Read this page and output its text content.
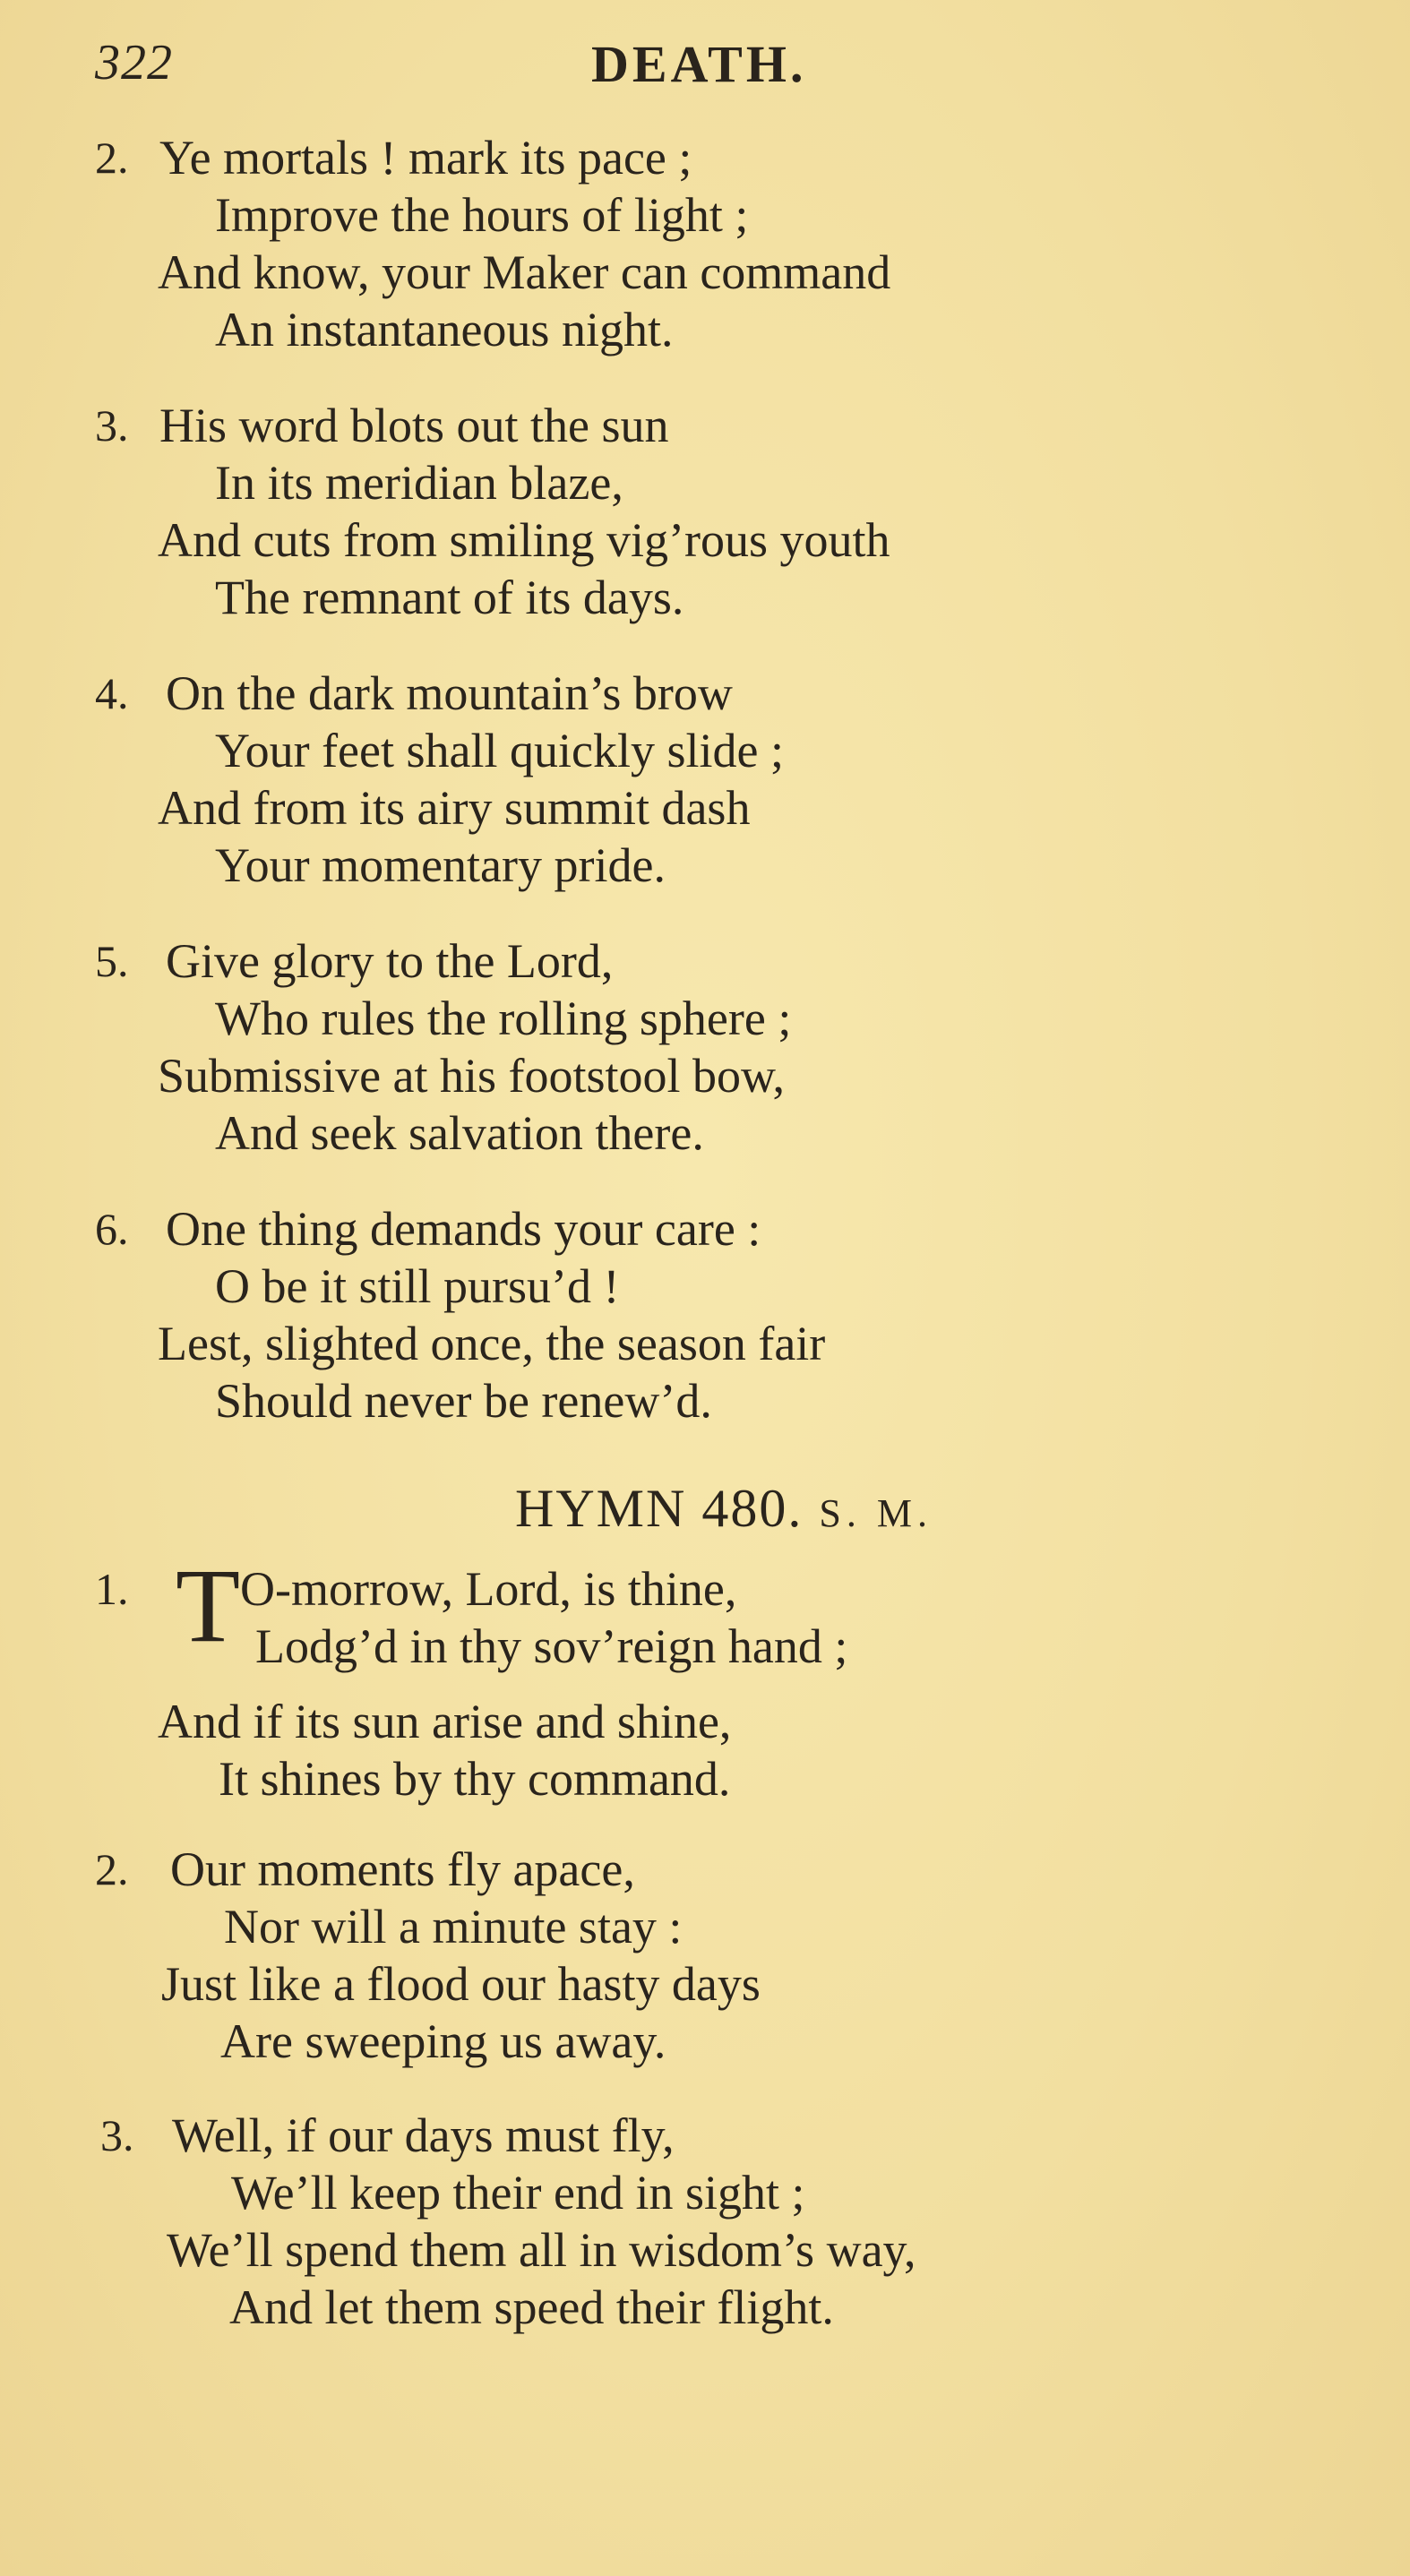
322	DEATH.
2. Ye mortals ! mark its pace ;
Improve the hours of light ;
And know, your Maker can command
An instantaneous night.
3. His word blots out the sun
In its meridian blaze,
And cuts from smiling vig’rous youth
The remnant of its days.
4. On the dark mountain’s brow
Your feet shall quickly slide ;
And from its airy summit dash
Your momentary pride.
5. Give glory to the Lord,
Who rules the rolling sphere ;
Submissive at his footstool bow,
And seek salvation there.
6. One thing demands your care :
O be it still pursu’d !
Lest, slighted once, the season fair
Should never be renew’d.
HYMN 480. S. M.
1. T O-morrow, Lord, is thine,
Lodg’d in thy sov’reign hand ;
And if its sun arise and shine,
It shines by thy command.
2. Our moments fly apace,
Nor will a minute stay :
Just like a flood our hasty days
Are sweeping us away.
3. Well, if our days must fly,
We’ll keep their end in sight ;
We’ll spend them all in wisdom’s way,
And let them speed their flight.
